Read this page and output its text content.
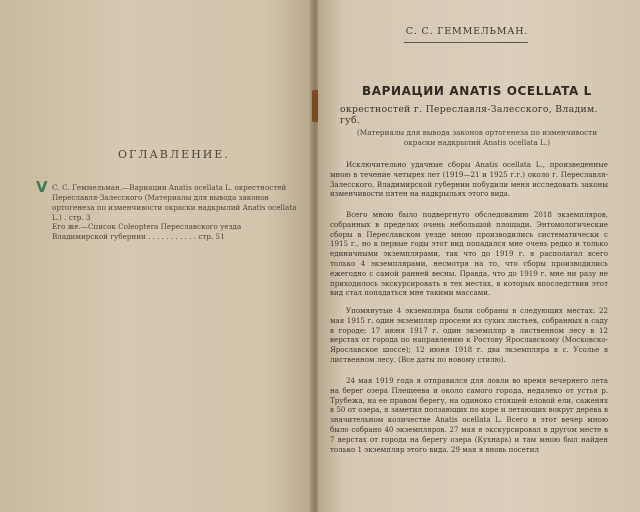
V
ОГЛАВЛЕНИЕ.
С. С. Геммельман.—Вариации Anatis ocellata L. окрестностей Переславля-Залесского (Материалы для вывода законов ортогенеза по изменчивости окраски надкрылий Anatis ocellata L.) . стр. 3
Его же.—Список Coleoptera Переславского уезда Владимирской губернии . . . . . . . . . . . стр. 51
С. С. ГЕММЕЛЬМАН.
ВАРИАЦИИ ANATIS OCELLATA L
окрестностей г. Переславля-Залесского, Владим. губ.
(Материалы для вывода законов ортогенеза по изменчивости окраски надкрылий Anatis ocellata L.)

Исключительно удачные сборы Anatis ocellata L., произведенные мною в течение четырех лет (1919—21 и 1925 г.г.) около г. Переславля-Залесского, Владимирской губернии побудили меня исследовать законы изменчивости пятен на надкрыльях этого вида.

Всего мною было подвергнуто обследованию 2018 экземпляров, собранных в пределах очень небольшой площади. Энтомологические сборы в Переславском уезде мною производились систематически с 1915 г., но в первые годы этот вид попадался мне очень редко и только единичными экземплярами, так что до 1919 г. я располагал всего только 4 экземплярами, несмотря на то, что сборы производились ежегодно с самой ранней весны. Правда, что до 1919 г. мне ни разу не приходилось экскурсировать в тех местах, в которых впоследствии этот вид стал попадаться мне такими массами.

Упомянутые 4 экземпляра были собраны в следующих местах: 22 мая 1915 г. один экземпляр просеян из сухих листьев, собранных в саду в городе; 17 июня 1917 г. один экземпляр в лиственном лесу в 12 верстах от города по направлению к Ростову Ярославскому (Московско-Ярославское шоссе); 12 июня 1918 г. два экземпляра в с. Усолье в лиственном лесу. (Все даты по новому стилю).

24 мая 1919 года я отправился для ловли во время вечернего лета на берег озера Плещеева и около самого города, недалеко от устья р. Трубежа, на ее правом берегу, на одиноко стоящей еловой ели, саженях в 50 от озера, я заметил ползающих по коре и летающих вокруг дерева в значительном количестве Anatis ocellata L. Всего в этот вечер мною было собрано 40 экземпляров. 27 мая я экскурсировал в другом месте в 7 верстах от города на берегу озера (Кухнарь) и там мною был найден только 1 экземпляр этого вида. 29 мая я вновь посетил
